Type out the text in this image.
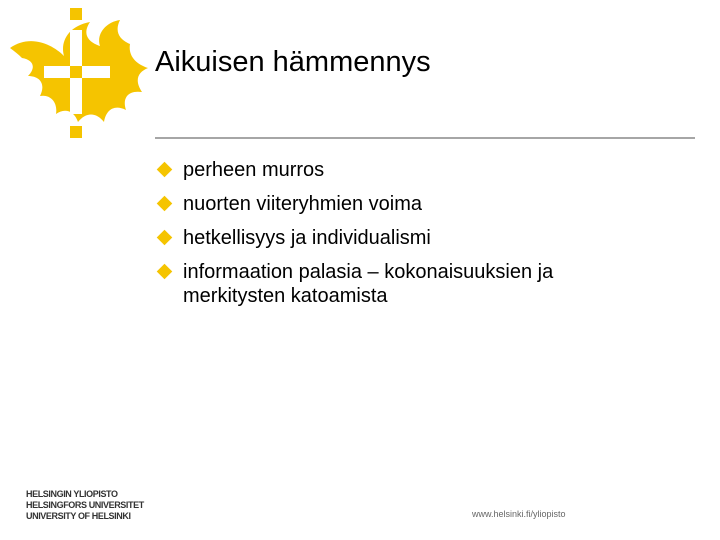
Aikuisen hämmennys
perheen murros
nuorten viiteryhmien voima
hetkellisyys ja individualismi
informaation palasia – kokonaisuuksien ja merkitysten katoamista
HELSINGIN YLIOPISTO
HELSINGFORS UNIVERSITET
UNIVERSITY OF HELSINKI	www.helsinki.fi/yliopisto
